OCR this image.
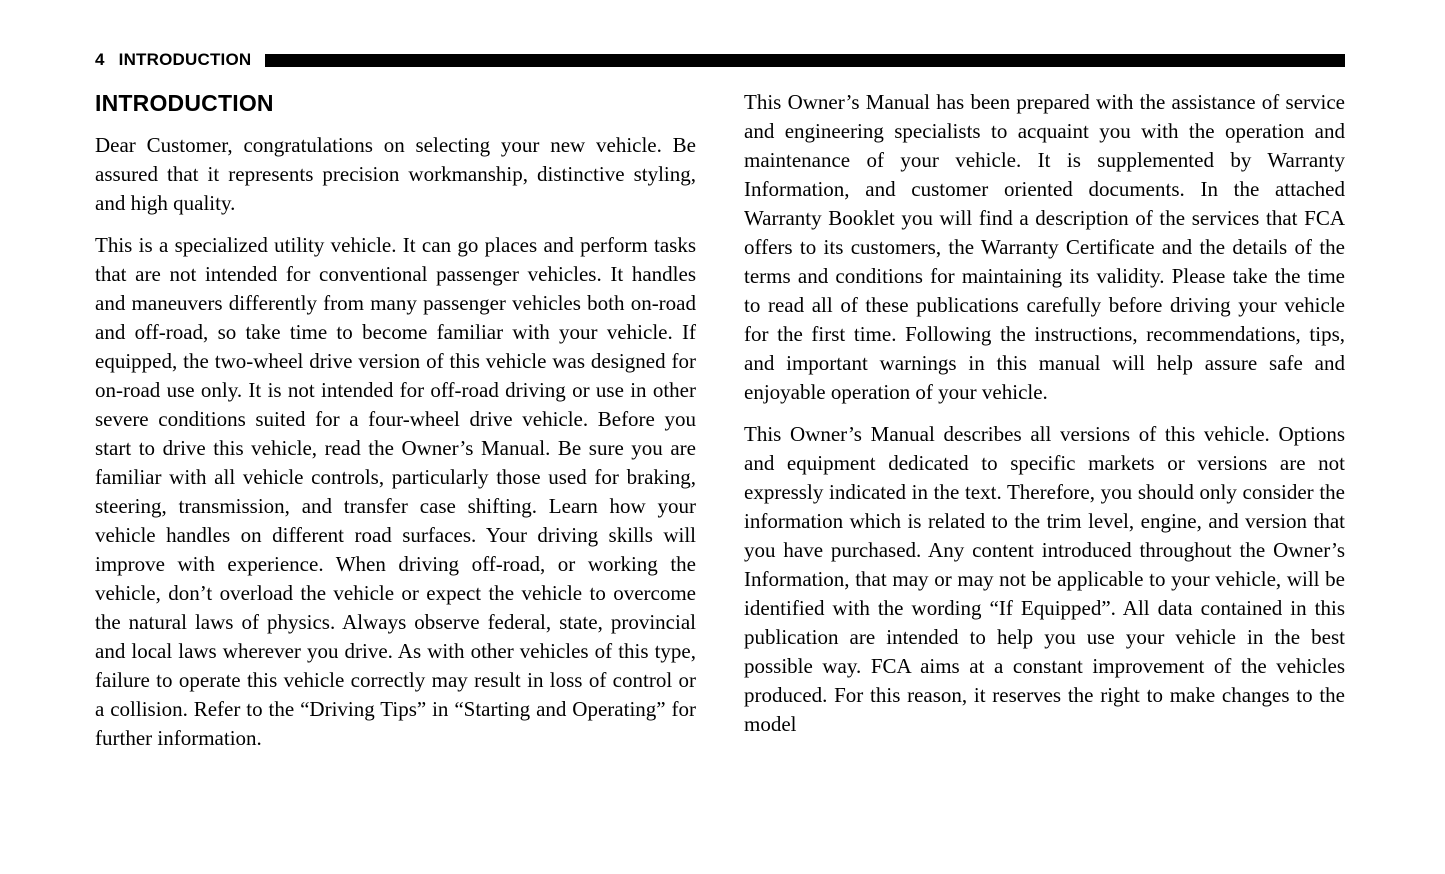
4 INTRODUCTION
INTRODUCTION

Dear Customer, congratulations on selecting your new vehicle. Be assured that it represents precision workmanship, distinctive styling, and high quality.

This is a specialized utility vehicle. It can go places and perform tasks that are not intended for conventional passenger vehicles. It handles and maneuvers differently from many passenger vehicles both on-road and off-road, so take time to become familiar with your vehicle. If equipped, the two-wheel drive version of this vehicle was designed for on-road use only. It is not intended for off-road driving or use in other severe conditions suited for a four-wheel drive vehicle. Before you start to drive this vehicle, read the Owner’s Manual. Be sure you are familiar with all vehicle controls, particularly those used for braking, steering, transmission, and transfer case shifting. Learn how your vehicle handles on different road surfaces. Your driving skills will improve with experience. When driving off-road, or working the vehicle, don’t overload the vehicle or expect the vehicle to overcome the natural laws of physics. Always observe federal, state, provincial and local laws wherever you drive. As with other vehicles of this type, failure to operate this vehicle correctly may result in loss of control or a collision. Refer to the “Driving Tips” in “Starting and Operating” for further information.

This Owner’s Manual has been prepared with the assistance of service and engineering specialists to acquaint you with the operation and maintenance of your vehicle. It is supplemented by Warranty Information, and customer oriented documents. In the attached Warranty Booklet you will find a description of the services that FCA offers to its customers, the Warranty Certificate and the details of the terms and conditions for maintaining its validity. Please take the time to read all of these publications carefully before driving your vehicle for the first time. Following the instructions, recommendations, tips, and important warnings in this manual will help assure safe and enjoyable operation of your vehicle.

This Owner’s Manual describes all versions of this vehicle. Options and equipment dedicated to specific markets or versions are not expressly indicated in the text. Therefore, you should only consider the information which is related to the trim level, engine, and version that you have purchased. Any content introduced throughout the Owner’s Information, that may or may not be applicable to your vehicle, will be identified with the wording “If Equipped”. All data contained in this publication are intended to help you use your vehicle in the best possible way. FCA aims at a constant improvement of the vehicles produced. For this reason, it reserves the right to make changes to the model
